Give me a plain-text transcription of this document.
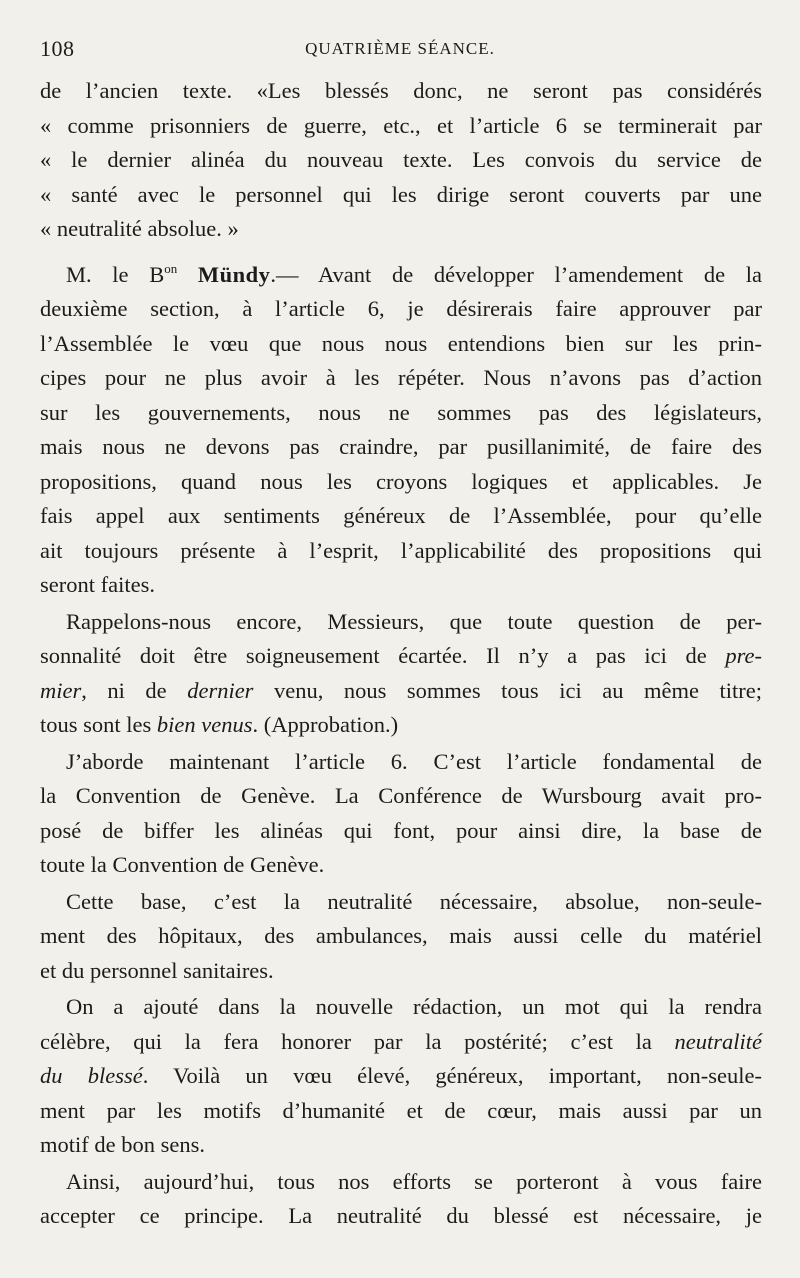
108	QUATRIÈME SÉANCE.
de l’ancien texte. «Les blessés donc, ne seront pas considérés
« comme prisonniers de guerre, etc., et l’article 6 se terminerait par
« le dernier alinéa du nouveau texte. Les convois du service de
« santé avec le personnel qui les dirige seront couverts par une
« neutralité absolue. »
M. le $B^{on}$ Mündy.— Avant de développer l’amendement de la
deuxième section, à l’article 6, je désirerais faire approuver par
l’Assemblée le vœu que nous nous entendions bien sur les prin-
cipes pour ne plus avoir à les répéter. Nous n’avons pas d’action
sur les gouvernements, nous ne sommes pas des législateurs,
mais nous ne devons pas craindre, par pusillanimité, de faire des
propositions, quand nous les croyons logiques et applicables. Je
fais appel aux sentiments généreux de l’Assemblée, pour qu’elle
ait toujours présente à l’esprit, l’applicabilité des propositions qui
seront faites.
Rappelons-nous encore, Messieurs, que toute question de per-
sonnalité doit être soigneusement écartée. Il n’y a pas ici de pre-
mier, ni de dernier venu, nous sommes tous ici au même titre;
tous sont les bien venus. (Approbation.)
J’aborde maintenant l’article 6. C’est l’article fondamental de
la Convention de Genève. La Conférence de Wursbourg avait pro-
posé de biffer les alinéas qui font, pour ainsi dire, la base de
toute la Convention de Genève.
Cette base, c’est la neutralité nécessaire, absolue, non-seule-
ment des hôpitaux, des ambulances, mais aussi celle du matériel
et du personnel sanitaires.
On a ajouté dans la nouvelle rédaction, un mot qui la rendra
célèbre, qui la fera honorer par la postérité; c’est la neutralité
du blessé. Voilà un vœu élevé, généreux, important, non-seule-
ment par les motifs d’humanité et de cœur, mais aussi par un
motif de bon sens.
Ainsi, aujourd’hui, tous nos efforts se porteront à vous faire
accepter ce principe. La neutralité du blessé est nécessaire, je
